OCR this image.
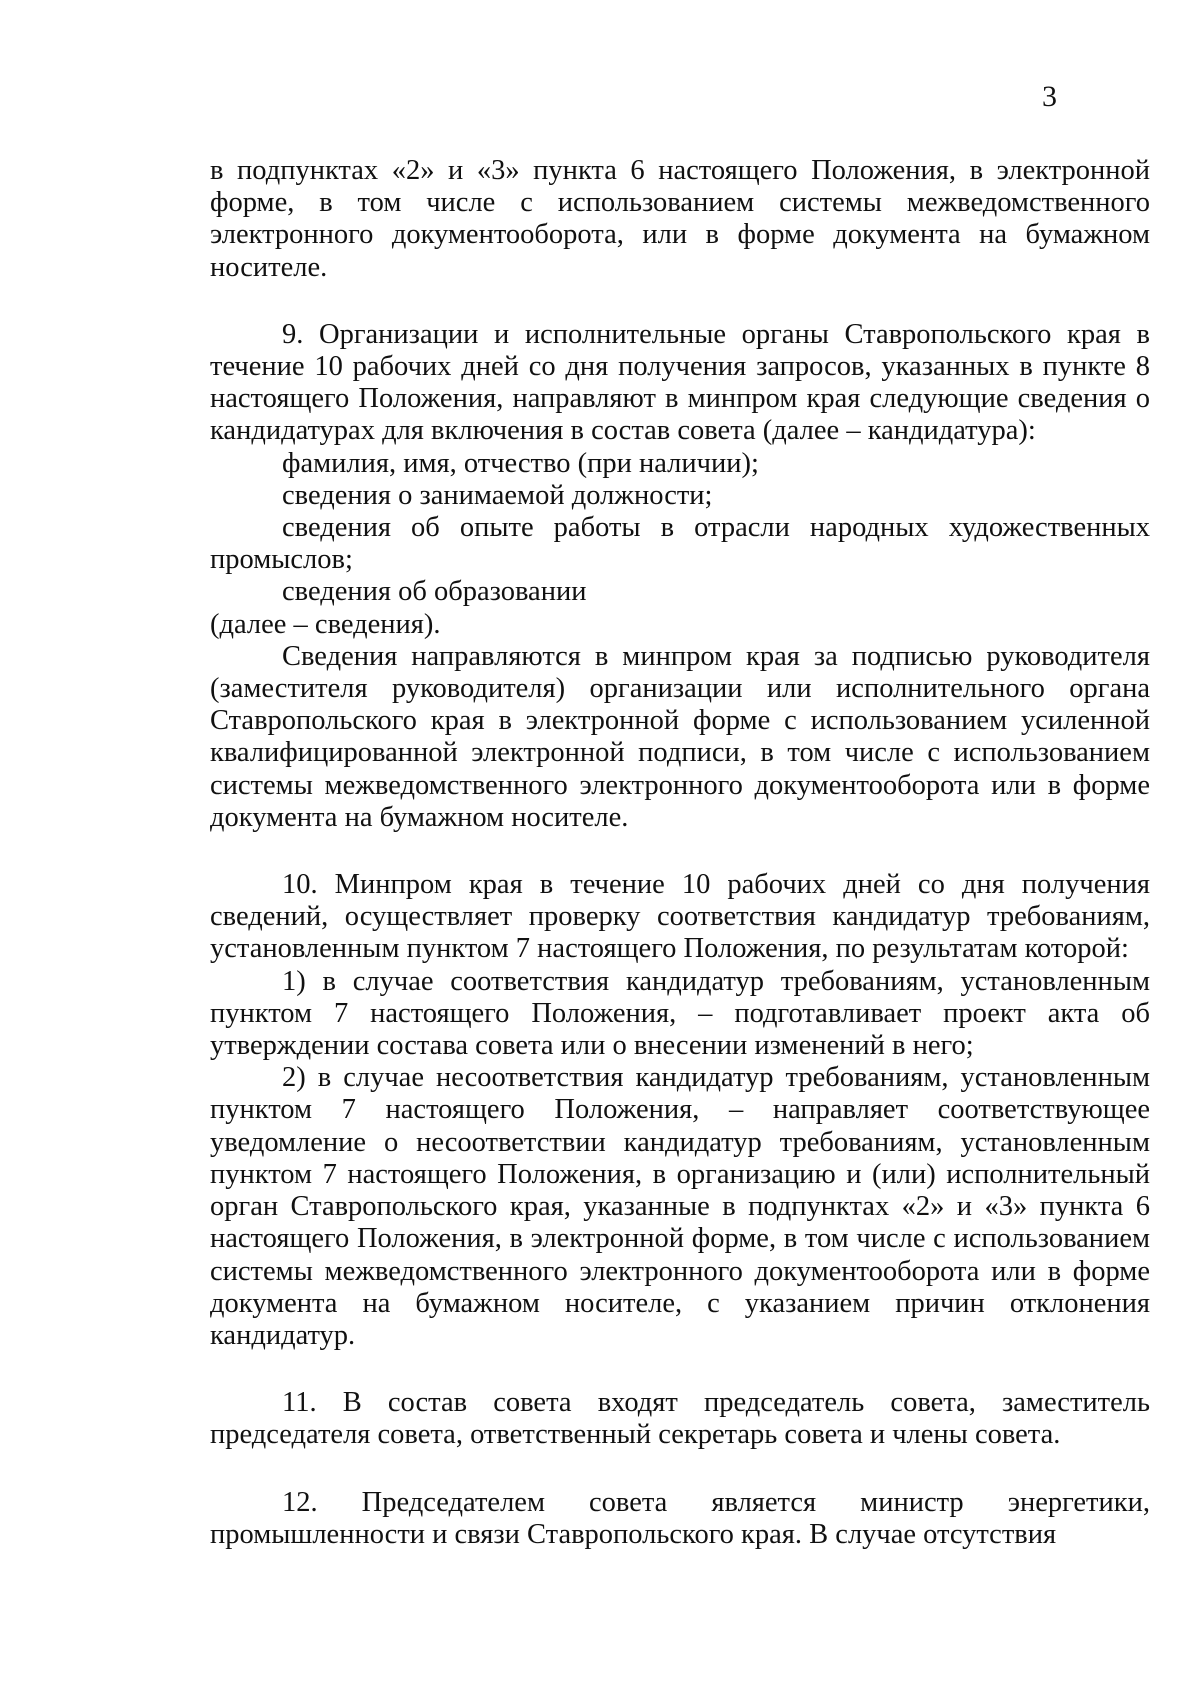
3

в подпунктах «2» и «3» пункта 6 настоящего Положения, в электронной форме, в том числе с использованием системы межведомственного электронного документооборота, или в форме документа на бумажном носителе.

9. Организации и исполнительные органы Ставропольского края в течение 10 рабочих дней со дня получения запросов, указанных в пункте 8 настоящего Положения, направляют в минпром края следующие сведения о кандидатурах для включения в состав совета (далее – кандидатура):

фамилия, имя, отчество (при наличии);

сведения о занимаемой должности;

сведения об опыте работы в отрасли народных художественных промыслов;

сведения об образовании

(далее – сведения).

Сведения направляются в минпром края за подписью руководителя (заместителя руководителя) организации или исполнительного органа Ставропольского края в электронной форме с использованием усиленной квалифицированной электронной подписи, в том числе с использованием системы межведомственного электронного документооборота или в форме документа на бумажном носителе.

10. Минпром края в течение 10 рабочих дней со дня получения сведений, осуществляет проверку соответствия кандидатур требованиям, установленным пунктом 7 настоящего Положения, по результатам которой:

1) в случае соответствия кандидатур требованиям, установленным пунктом 7 настоящего Положения, – подготавливает проект акта об утверждении состава совета или о внесении изменений в него;

2) в случае несоответствия кандидатур требованиям, установленным пунктом 7 настоящего Положения, – направляет соответствующее уведомление о несоответствии кандидатур требованиям, установленным пунктом 7 настоящего Положения, в организацию и (или) исполнительный орган Ставропольского края, указанные в подпунктах «2» и «3» пункта 6 настоящего Положения, в электронной форме, в том числе с использованием системы межведомственного электронного документооборота или в форме документа на бумажном носителе, с указанием причин отклонения кандидатур.

11. В состав совета входят председатель совета, заместитель председателя совета, ответственный секретарь совета и члены совета.

12. Председателем совета является министр энергетики, промышленности и связи Ставропольского края. В случае отсутствия
